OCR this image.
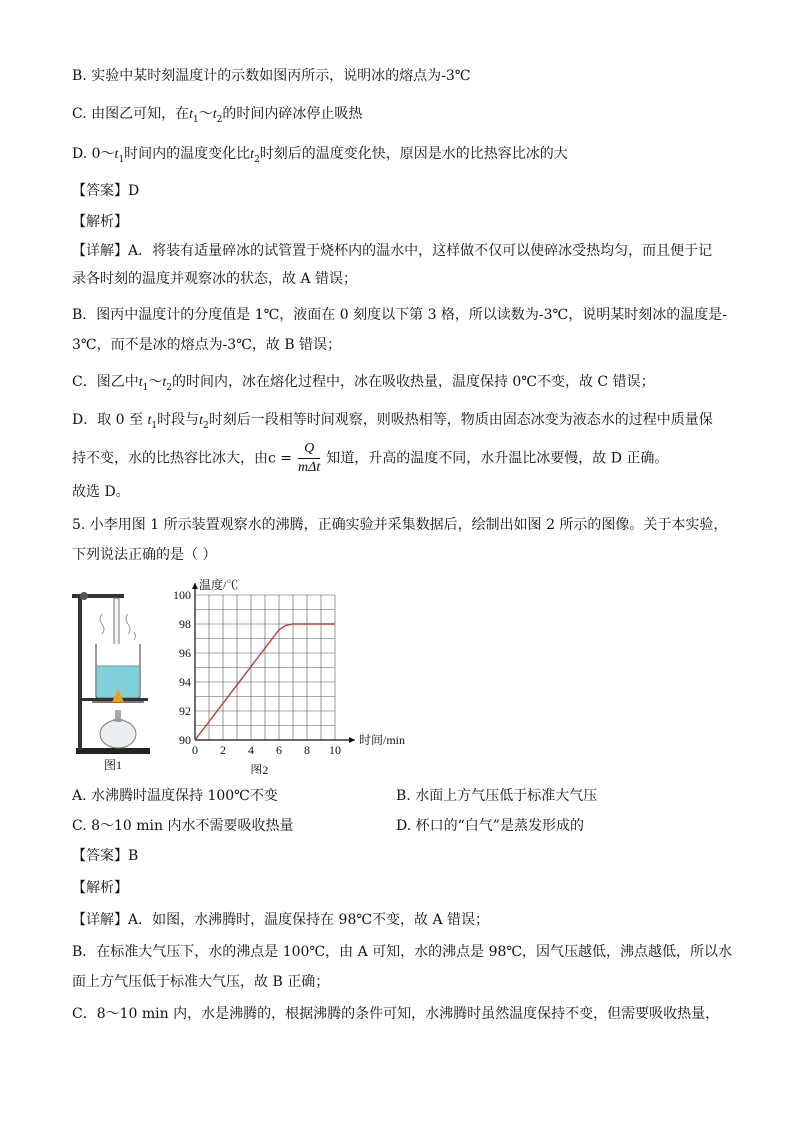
B. 实验中某时刻温度计的示数如图丙所示，说明冰的熔点为-3℃
C. 由图乙可知，在$t_1\sim t_2$的时间内碎冰停止吸热
D. $0\sim t_1$时间内的温度变化比$t_2$时刻后的温度变化快，原因是水的比热容比冰的大
【答案】D
【解析】
【详解】A．将装有适量碎冰的试管置于烧杯内的温水中，这样做不仅可以使碎冰受热均匀，而且便于记
录各时刻的温度并观察冰的状态，故 A 错误；
B．图丙中温度计的分度值是 1℃，液面在 0 刻度以下第 3 格，所以读数为-3℃，说明某时刻冰的温度是-
3℃，而不是冰的熔点为-3℃，故 B 错误；
C．图乙中$t_1\sim t_2$的时间内，冰在熔化过程中，冰在吸收热量，温度保持 0℃不变，故 C 错误；
D．取 0 至 $t_1$时段与$t_2$时刻后一段相等时间观察，则吸热相等，物质由固态冰变为液态水的过程中质量保
持不变，水的比热容比冰大，由$c = \frac{Q}{\text{mΔt}}$ 知道，升高的温度不同，水升温比冰要慢，故 D 正确。
故选 D。
5. 小李用图 1 所示装置观察水的沸腾，正确实验并采集数据后，绘制出如图 2 所示的图像。关于本实验，
下列说法正确的是（ ）
图1
0 2 4 6 8 10
90
92
94
96
98
100
温度/℃
时间/min
图2
A. 水沸腾时温度保持 100℃不变	B. 水面上方气压低于标准大气压
C. 8～10 min 内水不需要吸收热量	D. 杯口的“白气”是蒸发形成的
【答案】B
【解析】
【详解】A．如图，水沸腾时，温度保持在 98℃不变，故 A 错误；
B．在标准大气压下，水的沸点是 100℃，由 A 可知，水的沸点是 98℃，因气压越低，沸点越低，所以水
面上方气压低于标准大气压，故 B 正确；
C．8～10 min 内，水是沸腾的，根据沸腾的条件可知，水沸腾时虽然温度保持不变，但需要吸收热量，
